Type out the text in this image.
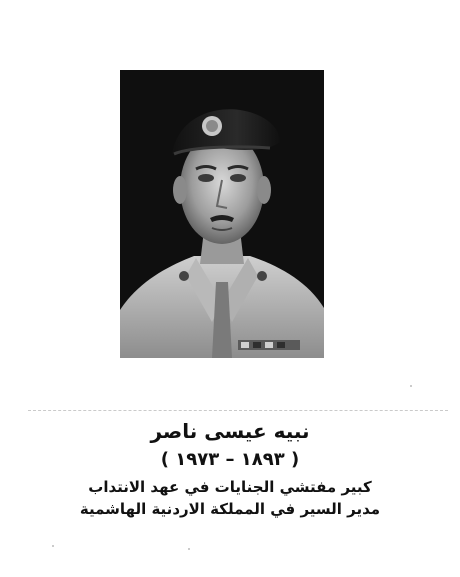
نبيه عيسى ناصر
( ١٨٩٣ – ١٩٧٣ )
كبير مفتشي الجنايات في عهد الانتداب
مدير السير في المملكة الاردنية الهاشمية
